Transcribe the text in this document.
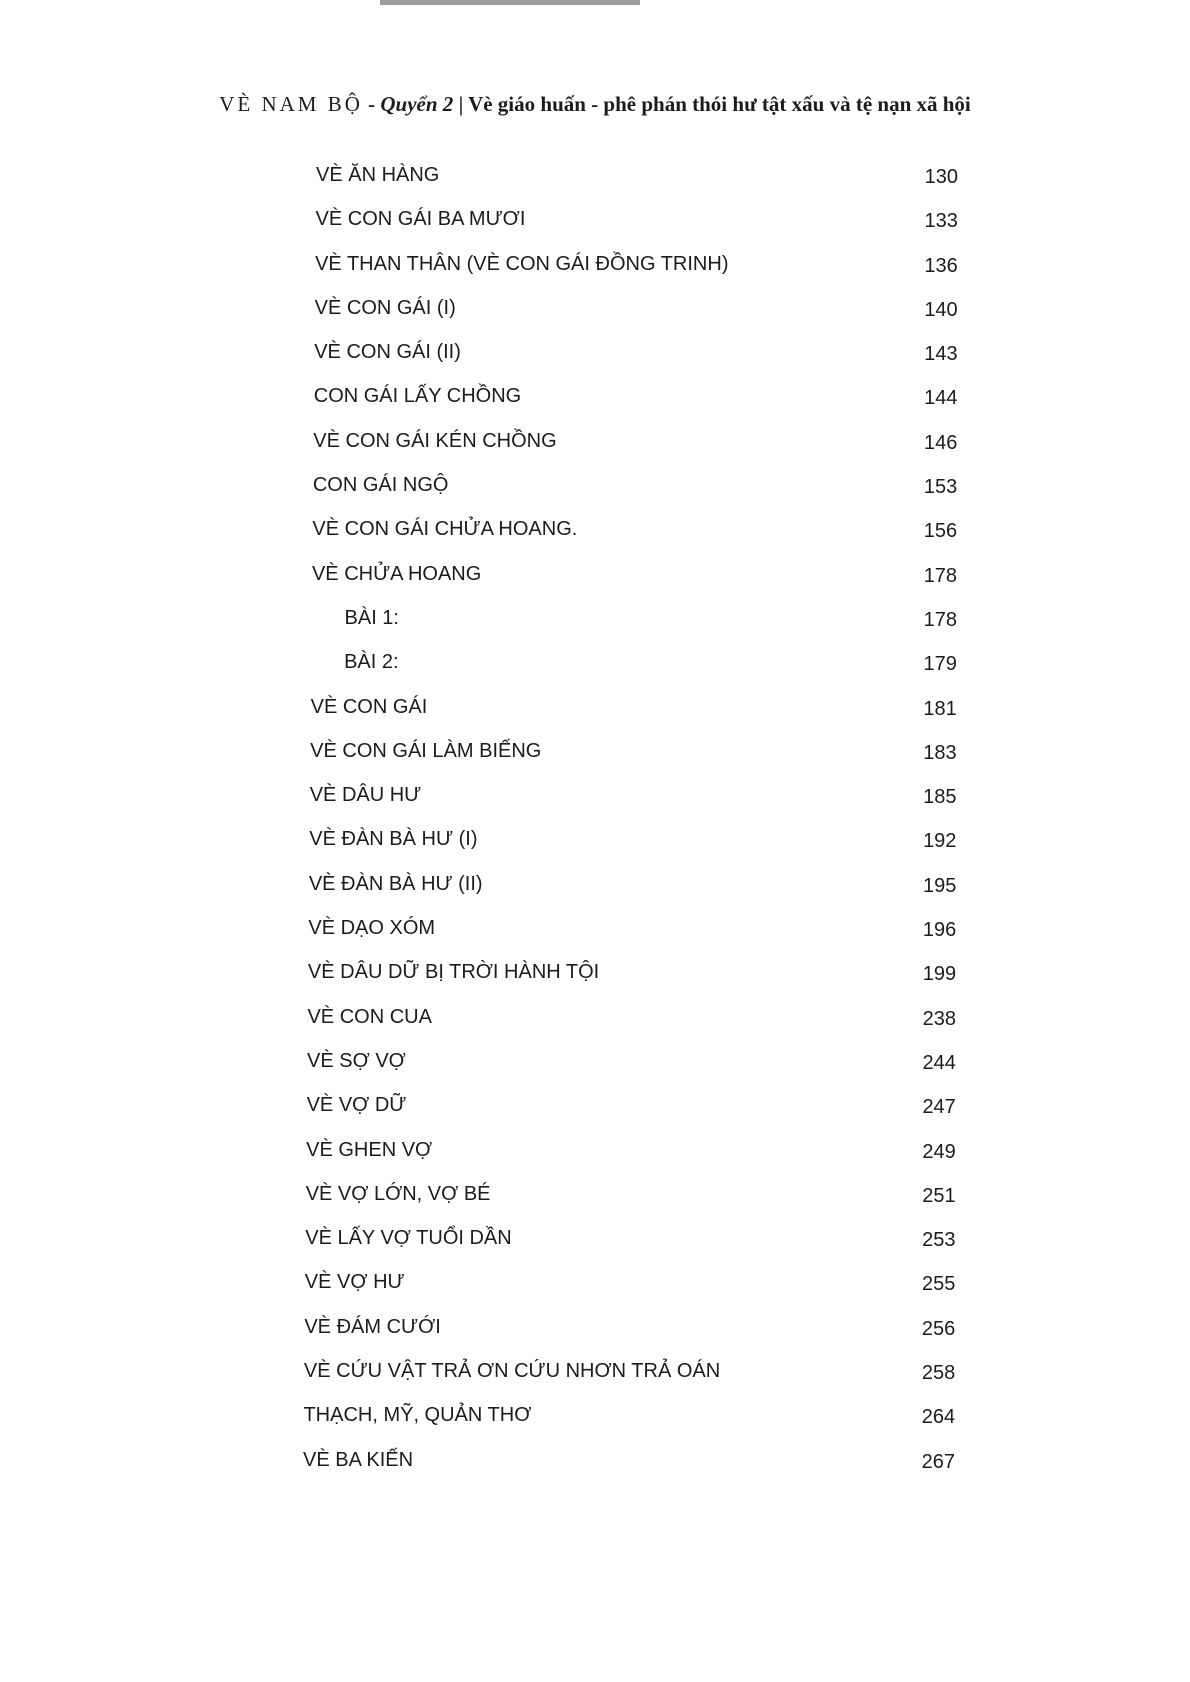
VÈ NAM BỘ - Quyển 2 | Vè giáo huấn - phê phán thói hư tật xấu và tệ nạn xã hội
VÈ ĂN HÀNG	130
VÈ CON GÁI BA MƯƠI	133
VÈ THAN THÂN (VÈ CON GÁI ĐỒNG TRINH)	136
VÈ CON GÁI (I)	140
VÈ CON GÁI (II)	143
CON GÁI LẤY CHỒNG	144
VÈ CON GÁI KÉN CHỒNG	146
CON GÁI NGỘ	153
VÈ CON GÁI CHỬA HOANG.	156
VÈ CHỬA HOANG	178
BÀI 1:	178
BÀI 2:	179
VÈ CON GÁI	181
VÈ CON GÁI LÀM BIẾNG	183
VÈ DÂU HƯ	185
VÈ ĐÀN BÀ HƯ (I)	192
VÈ ĐÀN BÀ HƯ (II)	195
VÈ DẠO XÓM	196
VÈ DÂU DỮ BỊ TRỜI HÀNH TỘI	199
VÈ CON CUA	238
VÈ SỢ VỢ	244
VÈ VỢ DỮ	247
VÈ GHEN VỢ	249
VÈ VỢ LỚN, VỢ BÉ	251
VÈ LẤY VỢ TUỔI DẦN	253
VÈ VỢ HƯ	255
VÈ ĐÁM CƯỚI	256
VÈ CỨU VẬT TRẢ ƠN CỨU NHƠN TRẢ OÁN	258
THẠCH, MỸ, QUẢN THƠ	264
VÈ BA KIẾN	267
